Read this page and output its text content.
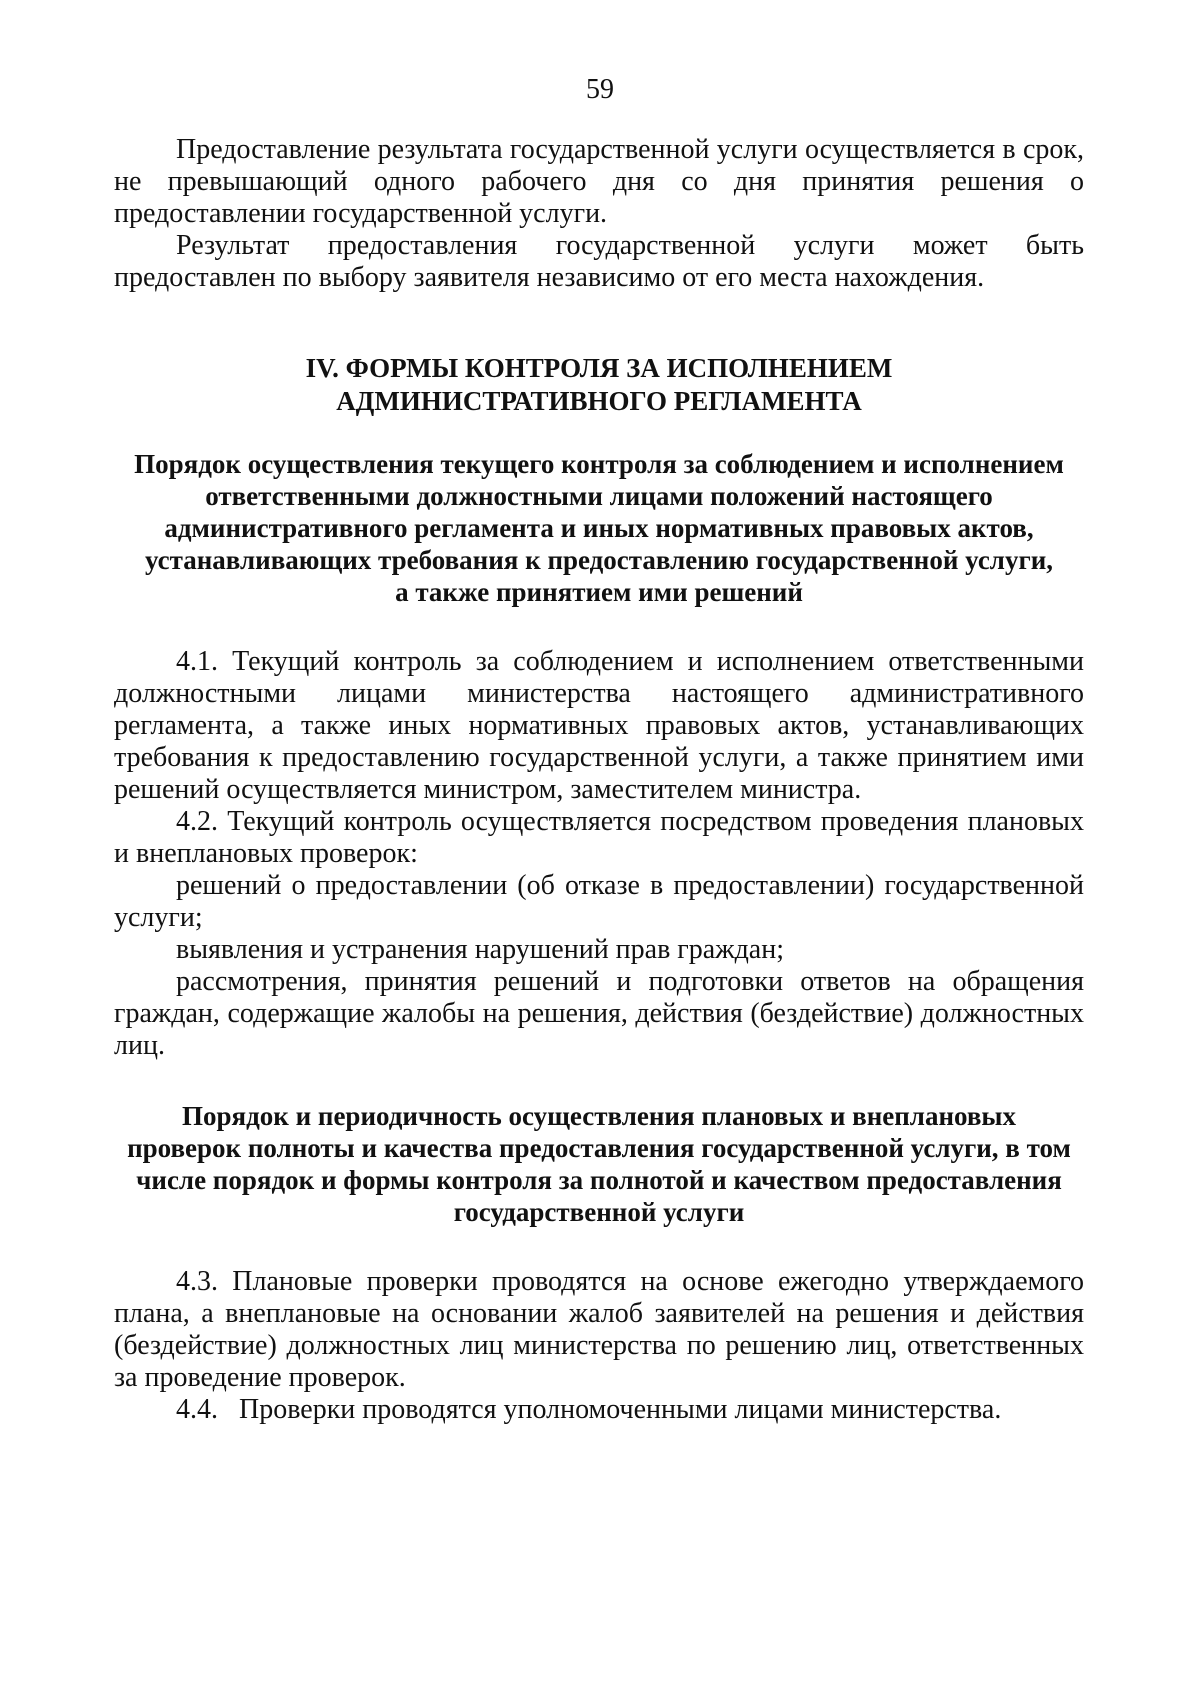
59

Предоставление результата государственной услуги осуществляется в срок, не превышающий одного рабочего дня со дня принятия решения о предоставлении государственной услуги.

Результат предоставления государственной услуги может быть предоставлен по выбору заявителя независимо от его места нахождения.

IV. ФОРМЫ КОНТРОЛЯ ЗА ИСПОЛНЕНИЕМ
АДМИНИСТРАТИВНОГО РЕГЛАМЕНТА
Порядок осуществления текущего контроля за соблюдением и исполнением
ответственными должностными лицами положений настоящего
административного регламента и иных нормативных правовых актов,
устанавливающих требования к предоставлению государственной услуги,
а также принятием ими решений

4.1. Текущий контроль за соблюдением и исполнением ответственными должностными лицами министерства настоящего административного регламента, а также иных нормативных правовых актов, устанавливающих требования к предоставлению государственной услуги, а также принятием ими решений осуществляется министром, заместителем министра.

4.2. Текущий контроль осуществляется посредством проведения плановых и внеплановых проверок:

решений о предоставлении (об отказе в предоставлении) государственной услуги;

выявления и устранения нарушений прав граждан;

рассмотрения, принятия решений и подготовки ответов на обращения граждан, содержащие жалобы на решения, действия (бездействие) должностных лиц.

Порядок и периодичность осуществления плановых и внеплановых
проверок полноты и качества предоставления государственной услуги, в том
числе порядок и формы контроля за полнотой и качеством предоставления
государственной услуги

4.3. Плановые проверки проводятся на основе ежегодно утверждаемого плана, а внеплановые на основании жалоб заявителей на решения и действия (бездействие) должностных лиц министерства по решению лиц, ответственных за проведение проверок.

4.4.   Проверки проводятся уполномоченными лицами министерства.
